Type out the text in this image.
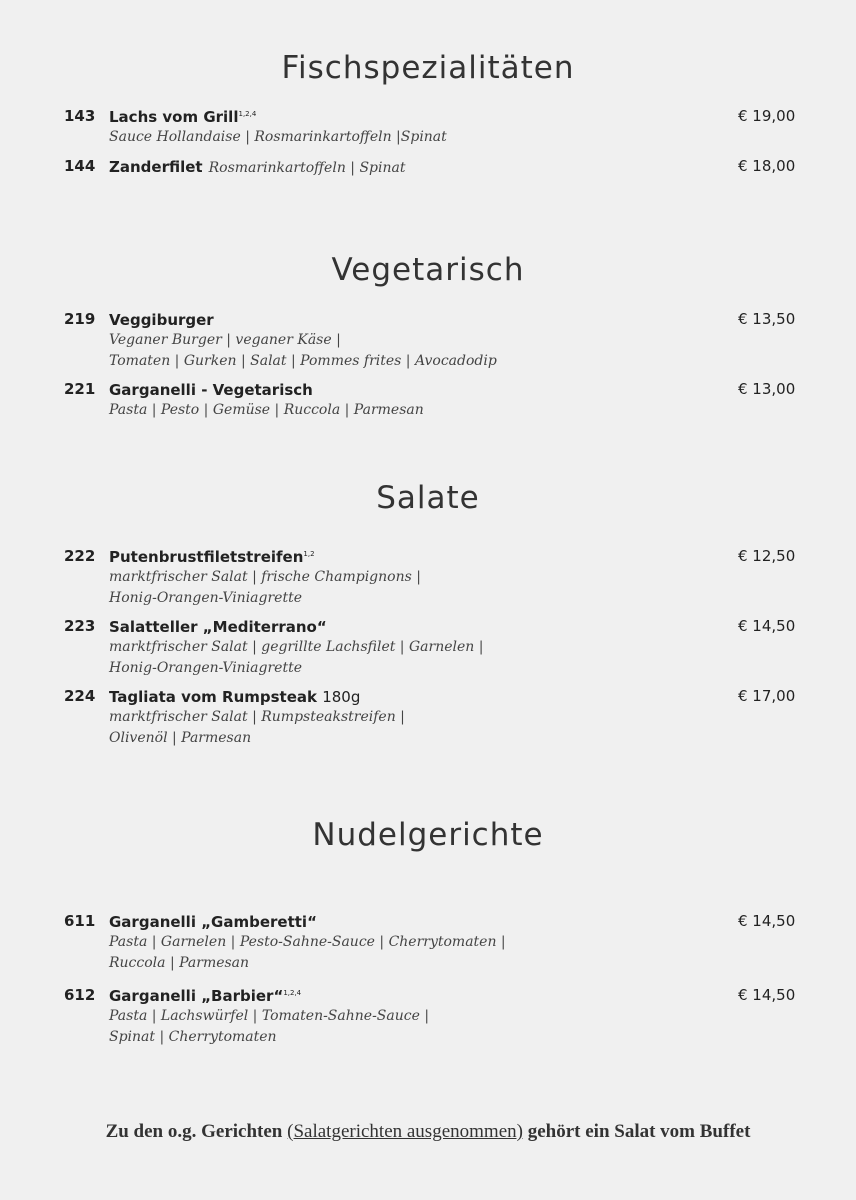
Fischspezialitäten
Vegetarisch
Salate
Nudelgerichte
143 Lachs vom Grill$^{1,2,4}$
Sauce Hollandaise | Rosmarinkartoffeln |Spinat
€ 19,00
144 Zanderfilet Rosmarinkartoffeln | Spinat	€ 18,00
219 Veggiburger
Veganer Burger | veganer Käse |
Tomaten | Gurken | Salat | Pommes frites | Avocadodip
€ 13,50
221 Garganelli - Vegetarisch
Pasta | Pesto | Gemüse | Ruccola | Parmesan
€ 13,00
222 Putenbrustfiletstreifen$^{1,2}$
marktfrischer Salat | frische Champignons |
Honig-Orangen-Viniagrette
€ 12,50
223 Salatteller „Mediterrano“
marktfrischer Salat | gegrillte Lachsfilet | Garnelen |
Honig-Orangen-Viniagrette
€ 14,50
224 Tagliata vom Rumpsteak 180g
marktfrischer Salat | Rumpsteakstreifen |
Olivenöl | Parmesan
€ 17,00
611 Garganelli „Gamberetti“
Pasta | Garnelen | Pesto-Sahne-Sauce | Cherrytomaten |
Ruccola | Parmesan
€ 14,50
612 Garganelli „Barbier“$^{1,2,4}$
Pasta | Lachswürfel | Tomaten-Sahne-Sauce |
Spinat | Cherrytomaten
€ 14,50
Zu den o.g. Gerichten (Salatgerichten ausgenommen) gehört ein Salat vom Buffet
